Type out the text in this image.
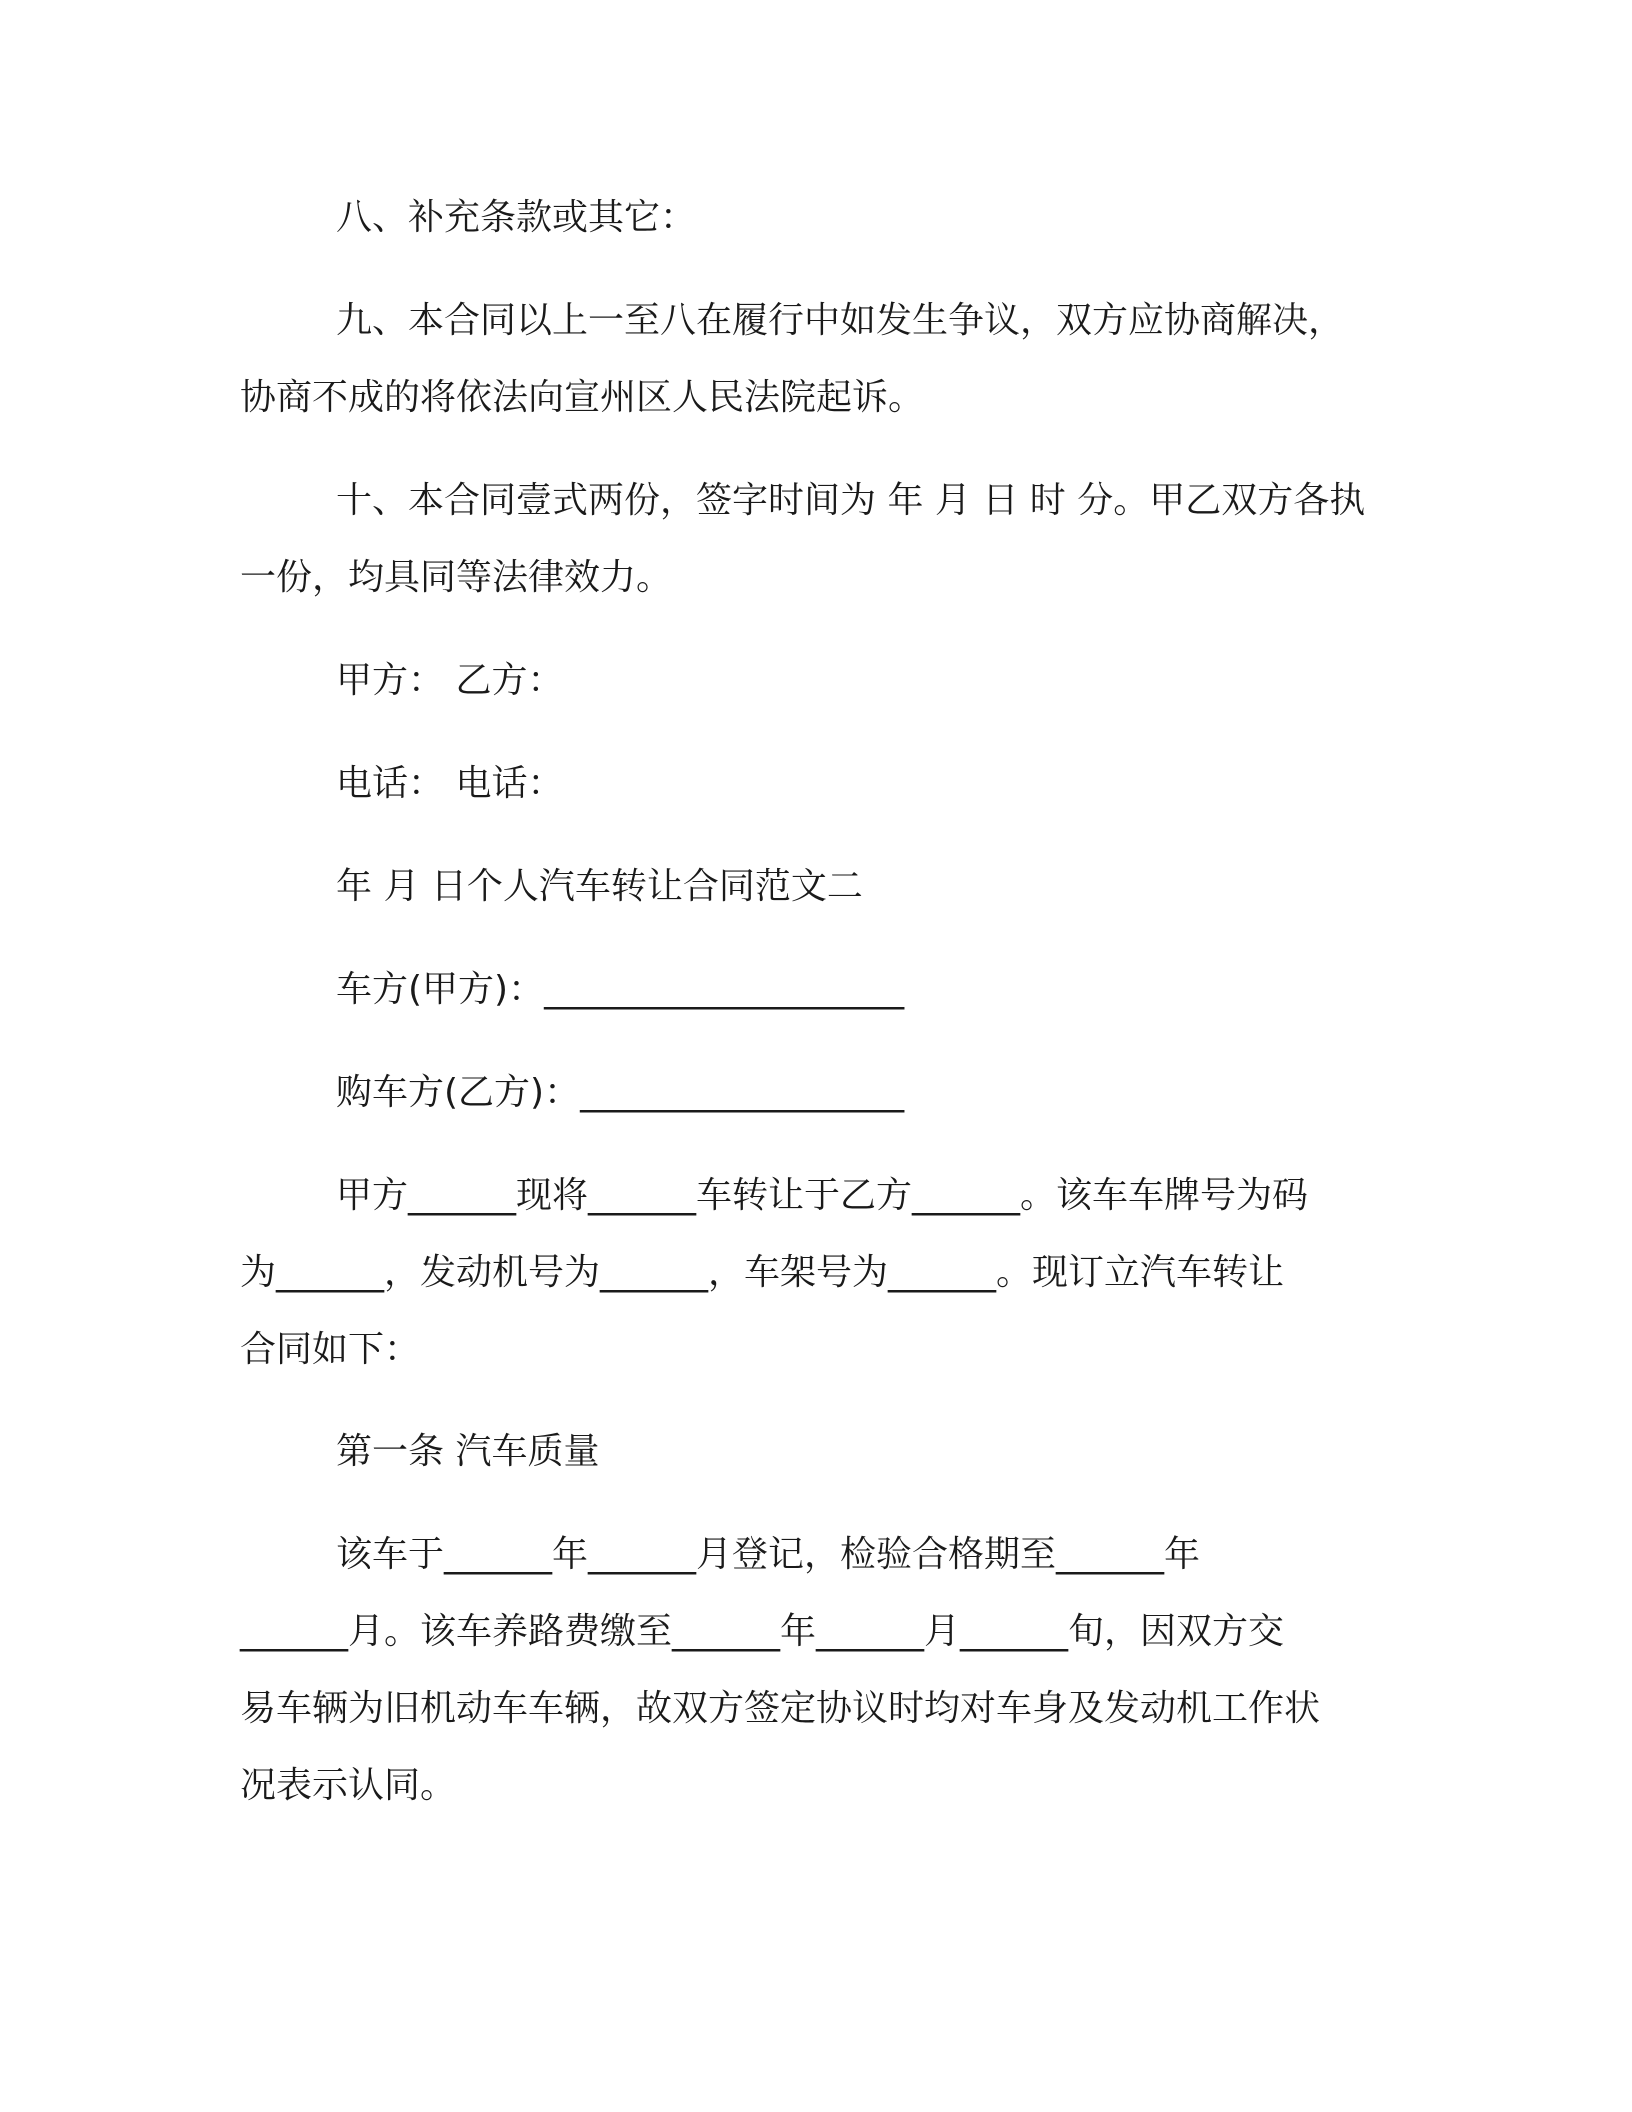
八、补充条款或其它：

九、本合同以上一至八在履行中如发生争议，双方应协商解决，
协商不成的将依法向宣州区人民法院起诉。

十、本合同壹式两份，签字时间为 年 月 日 时 分。甲乙双方各执
一份，均具同等法律效力。

甲方： 乙方：

电话： 电话：

年 月 日个人汽车转让合同范文二

车方(甲方)：____________________

购车方(乙方)：__________________

甲方______现将______车转让于乙方______。该车车牌号为码
为______，发动机号为______，车架号为______。现订立汽车转让
合同如下：

第一条 汽车质量

该车于______年______月登记，检验合格期至______年
______月。该车养路费缴至______年______月______旬，因双方交
易车辆为旧机动车车辆，故双方签定协议时均对车身及发动机工作状
况表示认同。
